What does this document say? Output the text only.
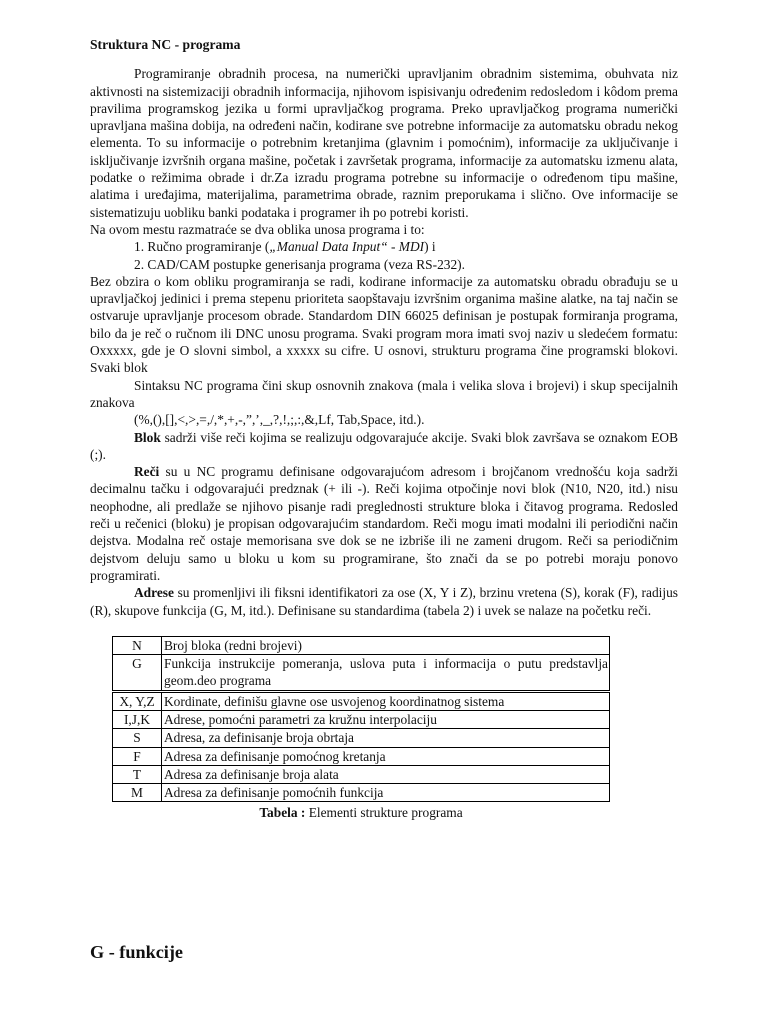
Struktura NC - programa

Programiranje obradnih procesa, na numerički upravljanim obradnim sistemima, obuhvata niz aktivnosti na sistemizaciji obradnih informacija, njihovom ispisivanju određenim redosledom i kôdom prema pravilima programskog jezika u formi upravljačkog programa. Preko upravljačkog programa numerički upravljana mašina dobija, na određeni način, kodirane sve potrebne informacije za automatsku obradu nekog elementa. To su informacije o potrebnim kretanjima (glavnim i pomoćnim), informacije za uključivanje i isključivanje izvršnih organa mašine, početak i završetak programa, informacije za automatsku izmenu alata, podatke o režimima obrade i dr.Za izradu programa potrebne su informacije o određenom tipu mašine, alatima i uređajima, materijalima, parametrima obrade, raznim preporukama i slično. Ove informacije se sistematizuju uobliku banki podataka i programer ih po potrebi koristi.

Na ovom mestu razmatraće se dva oblika unosa programa i to:

1. Ručno programiranje („Manual Data Input“ - MDI) i

2. CAD/CAM postupke generisanja programa (veza RS-232).

Bez obzira o kom obliku programiranja se radi, kodirane informacije za automatsku obradu obrađuju se u upravljačkoj jedinici i prema stepenu prioriteta saopštavaju izvršnim organima mašine alatke, na taj način se ostvaruje upravljanje procesom obrade. Standardom DIN 66025 definisan je postupak formiranja programa, bilo da je reč o ručnom ili DNC unosu programa. Svaki program mora imati svoj naziv u sledećem formatu: Oxxxxx, gde je O slovni simbol, a xxxxx su cifre. U osnovi, strukturu programa čine programski blokovi. Svaki blok

Sintaksu NC programa čini skup osnovnih znakova (mala i velika slova i brojevi) i skup specijalnih znakova

(%,(),[],<,>,=,/,*,+,-,”,’,_,?,!,;,:,&,Lf, Tab,Space, itd.).

Blok sadrži više reči kojima se realizuju odgovarajuće akcije. Svaki blok završava se oznakom EOB (;).

Reči su u NC programu definisane odgovarajućom adresom i brojčanom vrednošću koja sadrži decimalnu tačku i odgovarajući predznak (+ ili -). Reči kojima otpočinje novi blok (N10, N20, itd.) nisu neophodne, ali predlaže se njihovo pisanje radi preglednosti strukture bloka i čitavog programa. Redosled reči u rečenici (bloku) je propisan odgovarajućim standardom. Reči mogu imati modalni ili periodični način dejstva. Modalna reč ostaje memorisana sve dok se ne izbriše ili ne zameni drugom. Reči sa periodičnim dejstvom deluju samo u bloku u kom su programirane, što znači da se po potrebi moraju ponovo programirati.

Adrese su promenljivi ili fiksni identifikatori za ose (X, Y i Z), brzinu vretena (S), korak (F), radijus (R), skupove funkcija (G, M, itd.). Definisane su standardima (tabela 2) i uvek se nalaze na početku reči.

N	Broj bloka (redni brojevi)
G	Funkcija instrukcije pomeranja, uslova puta i informacija o putu predstavlja geom.deo programa
X, Y,Z	Kordinate, definišu glavne ose usvojenog koordinatnog sistema
I,J,K	Adrese, pomoćni parametri za kružnu interpolaciju
S	Adresa, za definisanje broja obrtaja
F	Adresa za definisanje pomoćnog kretanja
T	Adresa za definisanje broja alata
M	Adresa za definisanje pomoćnih funkcija
Tabela : Elementi strukture programa
G - funkcije
